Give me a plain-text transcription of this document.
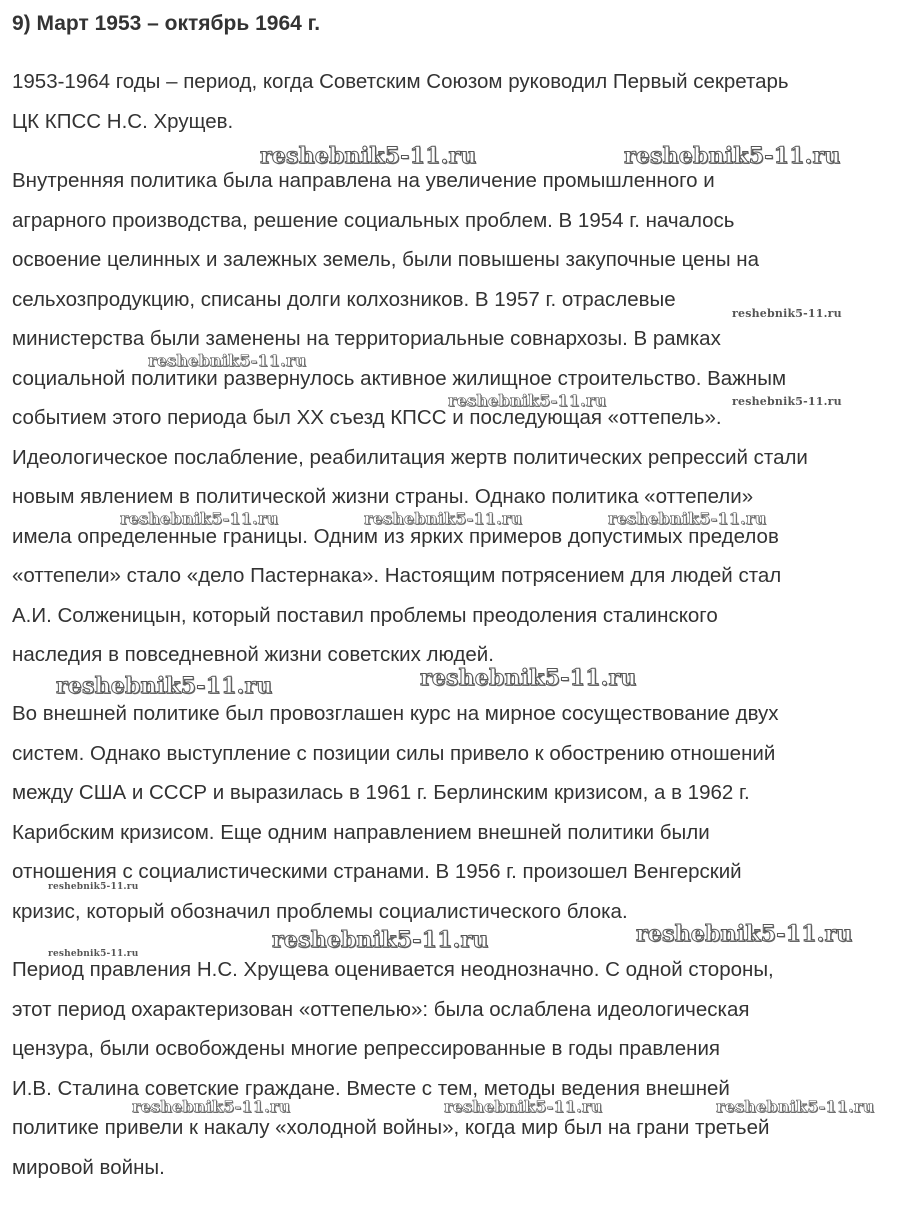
9) Март 1953 – октябрь 1964 г.

1953-1964 годы – период, когда Советским Союзом руководил Первый секретарь
ЦК КПСС Н.С. Хрущев.

Внутренняя политика была направлена на увеличение промышленного и
аграрного производства, решение социальных проблем. В 1954 г. началось
освоение целинных и залежных земель, были повышены закупочные цены на
сельхозпродукцию, списаны долги колхозников. В 1957 г. отраслевые
министерства были заменены на территориальные совнархозы. В рамках
социальной политики развернулось активное жилищное строительство. Важным
событием этого периода был XX съезд КПСС и последующая «оттепель».
Идеологическое послабление, реабилитация жертв политических репрессий стали
новым явлением в политической жизни страны. Однако политика «оттепели»
имела определенные границы. Одним из ярких примеров допустимых пределов
«оттепели» стало «дело Пастернака». Настоящим потрясением для людей стал
А.И. Солженицын, который поставил проблемы преодоления сталинского
наследия в повседневной жизни советских людей.

Во внешней политике был провозглашен курс на мирное сосуществование двух
систем. Однако выступление с позиции силы привело к обострению отношений
между США и СССР и выразилась в 1961 г. Берлинским кризисом, а в 1962 г.
Карибским кризисом. Еще одним направлением внешней политики были
отношения с социалистическими странами. В 1956 г. произошел Венгерский
кризис, который обозначил проблемы социалистического блока.

Период правления Н.С. Хрущева оценивается неоднозначно. С одной стороны,
этот период охарактеризован «оттепелью»: была ослаблена идеологическая
цензура, были освобождены многие репрессированные в годы правления
И.В. Сталина советские граждане. Вместе с тем, методы ведения внешней
политике привели к накалу «холодной войны», когда мир был на грани третьей
мировой войны.

reshebnik5-11.ru	reshebnik5-11.ru
reshebnik5-11.ru
reshebnik5-11.ru
reshebnik5-11.ru	reshebnik5-11.ru
reshebnik5-11.ru	reshebnik5-11.ru	reshebnik5-11.ru
reshebnik5-11.ru	reshebnik5-11.ru
reshebnik5-11.ru
reshebnik5-11.ru	reshebnik5-11.ru
reshebnik5-11.ru
reshebnik5-11.ru	reshebnik5-11.ru	reshebnik5-11.ru
